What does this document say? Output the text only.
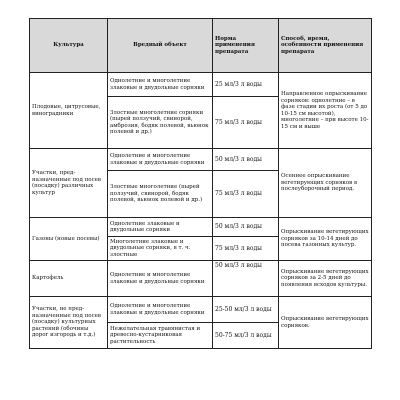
Культура	Вредный объект	Норма применения препарата	Способ, время, особенности применения препарата
Плодовые, цитрусовые, виноградники	Однолетние и многолетние злаковые и двудольные сорняки	25 мл/3 л воды	Направленное опрыскивание сорняков: однолетние – в фазе стадии их роста (от 5 до 10-15 см высотой), многолетние – при высоте 10-15 см и выше
	Злостные многолетние сорняки (пырей ползучий, свинорой, амброзия, бодяк полевой, вьюнок полевой и др.)	75 мл/3 л воды	
Участки, пред-назначенные под посев (посадку) различных культур	Однолетние и многолетние злаковые и двудольные сорняки	50 мл/3 л воды	Осеннее опрыскивание вегетирующих сорняков в послеуборочный период.
	Злостные многолетние (пырей ползучий, свинорой, бодяк полевой, вьюнок полевой и др.)	75 мл/3 л воды	
Газоны (новые посевы)	Однолетние злаковые и двудольные сорняки	50 мл/3 л воды	Опрыскивание вегетирующих сорняков за 10-14 дней до посева газонных культур.
	Многолетние злаковые и двудольные сорняки, в т. ч. злостные	75 мл/3 л воды	
Картофель	Однолетние и многолетние злаковые и двудольные сорняки	50 мл/3 л воды	Опрыскивание вегетирующих сорняков за 2-5 дней до появления всходов культуры.
Участки, не пред-назначенные под посев (посадку) культурных растений (обочины дорог изгородь и т.д.)	Однолетние и многолетние злаковые и двудольные сорняки	25-50 мл/3 л воды	Опрыскивание вегетирующих сорняков.
	Нежелательная травянистая и древесно-кустарниковая растительность	50-75 мл/3 л воды	
